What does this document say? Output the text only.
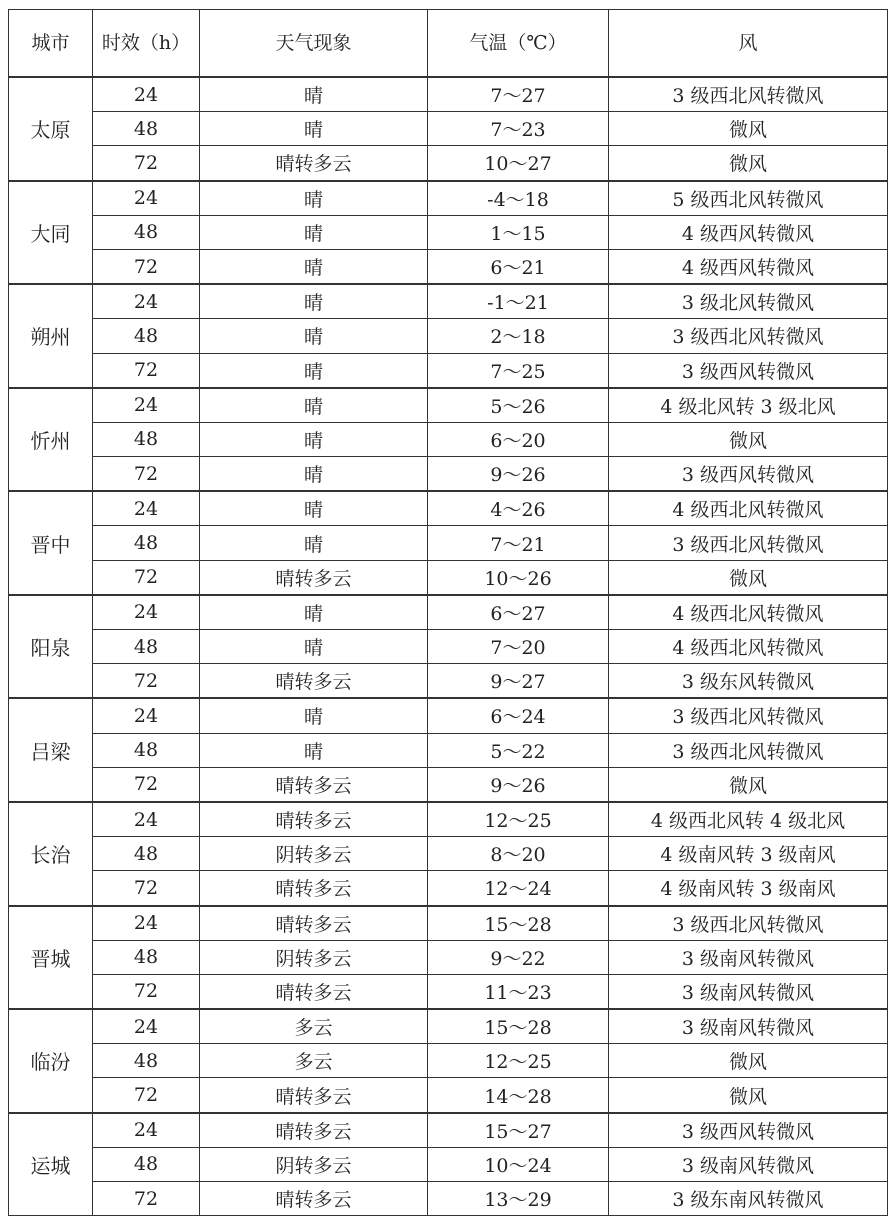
城市	时效（h）	天气现象	气温（℃）	风
太原	24	晴	7～27	3 级西北风转微风
	48	晴	7～23	微风
	72	晴转多云	10～27	微风
大同	24	晴	-4～18	5 级西北风转微风
	48	晴	1～15	4 级西风转微风
	72	晴	6～21	4 级西风转微风
朔州	24	晴	-1～21	3 级北风转微风
	48	晴	2～18	3 级西北风转微风
	72	晴	7～25	3 级西风转微风
忻州	24	晴	5～26	4 级北风转 3 级北风
	48	晴	6～20	微风
	72	晴	9～26	3 级西风转微风
晋中	24	晴	4～26	4 级西北风转微风
	48	晴	7～21	3 级西北风转微风
	72	晴转多云	10～26	微风
阳泉	24	晴	6～27	4 级西北风转微风
	48	晴	7～20	4 级西北风转微风
	72	晴转多云	9～27	3 级东风转微风
吕梁	24	晴	6～24	3 级西北风转微风
	48	晴	5～22	3 级西北风转微风
	72	晴转多云	9～26	微风
长治	24	晴转多云	12～25	4 级西北风转 4 级北风
	48	阴转多云	8～20	4 级南风转 3 级南风
	72	晴转多云	12～24	4 级南风转 3 级南风
晋城	24	晴转多云	15～28	3 级西北风转微风
	48	阴转多云	9～22	3 级南风转微风
	72	晴转多云	11～23	3 级南风转微风
临汾	24	多云	15～28	3 级南风转微风
	48	多云	12～25	微风
	72	晴转多云	14～28	微风
运城	24	晴转多云	15～27	3 级西风转微风
	48	阴转多云	10～24	3 级南风转微风
	72	晴转多云	13～29	3 级东南风转微风
